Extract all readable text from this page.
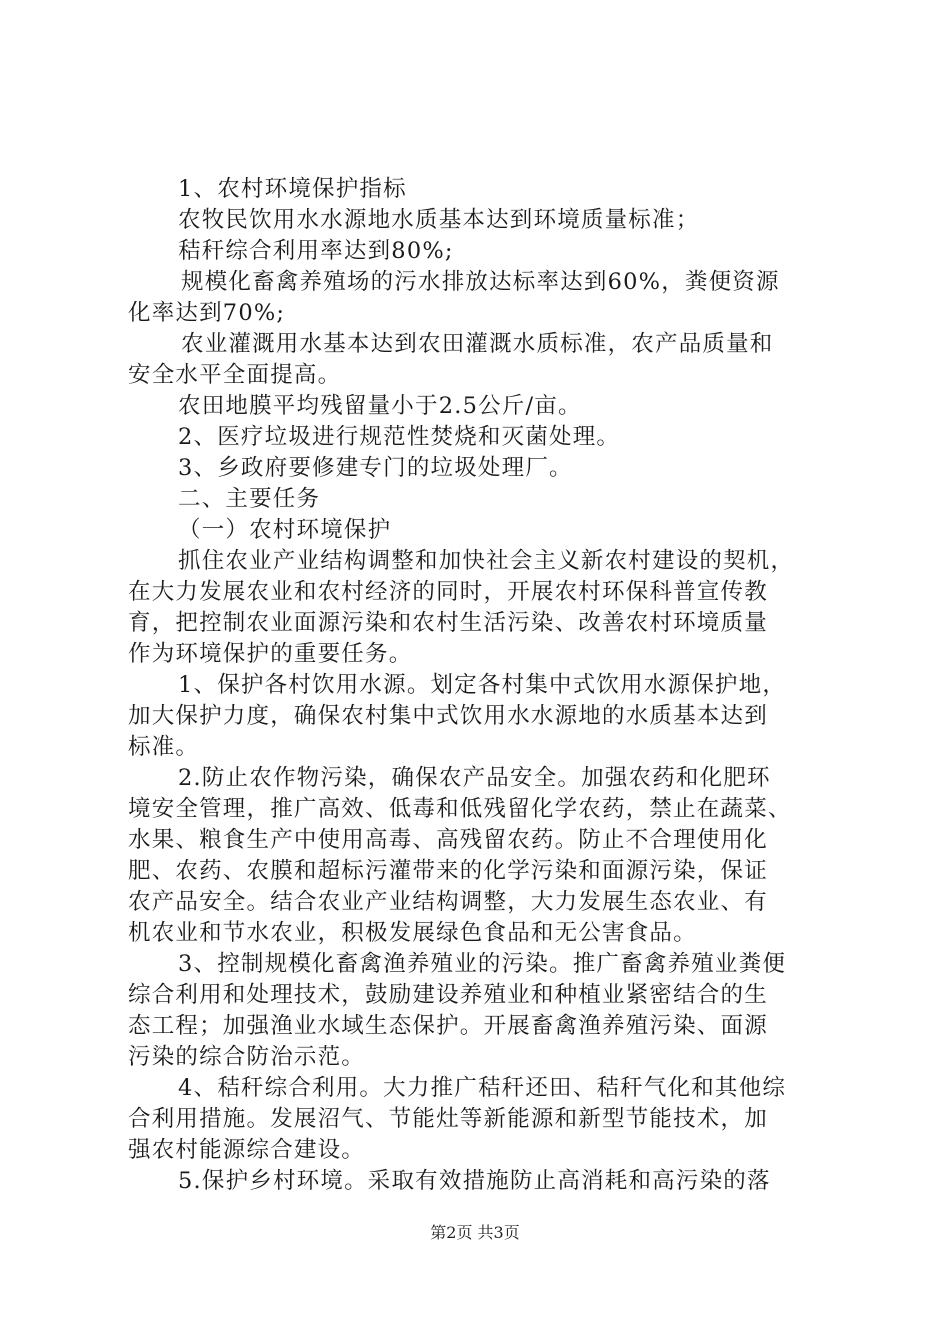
1、农村环境保护指标
农牧民饮用水水源地水质基本达到环境质量标准；
秸秆综合利用率达到80%;
规模化畜禽养殖场的污水排放达标率达到60%，粪便资源
化率达到70%;
农业灌溉用水基本达到农田灌溉水质标准，农产品质量和
安全水平全面提高。
农田地膜平均残留量小于2.5公斤/亩。
2、医疗垃圾进行规范性焚烧和灭菌处理。
3、乡政府要修建专门的垃圾处理厂。
二、主要任务
（一）农村环境保护
抓住农业产业结构调整和加快社会主义新农村建设的契机，
在大力发展农业和农村经济的同时，开展农村环保科普宣传教
育，把控制农业面源污染和农村生活污染、改善农村环境质量
作为环境保护的重要任务。
1、保护各村饮用水源。划定各村集中式饮用水源保护地，
加大保护力度，确保农村集中式饮用水水源地的水质基本达到
标准。
2.防止农作物污染，确保农产品安全。加强农药和化肥环
境安全管理，推广高效、低毒和低残留化学农药，禁止在蔬菜、
水果、粮食生产中使用高毒、高残留农药。防止不合理使用化
肥、农药、农膜和超标污灌带来的化学污染和面源污染，保证
农产品安全。结合农业产业结构调整，大力发展生态农业、有
机农业和节水农业，积极发展绿色食品和无公害食品。
3、控制规模化畜禽渔养殖业的污染。推广畜禽养殖业粪便
综合利用和处理技术，鼓励建设养殖业和种植业紧密结合的生
态工程；加强渔业水域生态保护。开展畜禽渔养殖污染、面源
污染的综合防治示范。
4、秸秆综合利用。大力推广秸秆还田、秸秆气化和其他综
合利用措施。发展沼气、节能灶等新能源和新型节能技术，加
强农村能源综合建设。
5.保护乡村环境。采取有效措施防止高消耗和高污染的落
第2页 共3页
